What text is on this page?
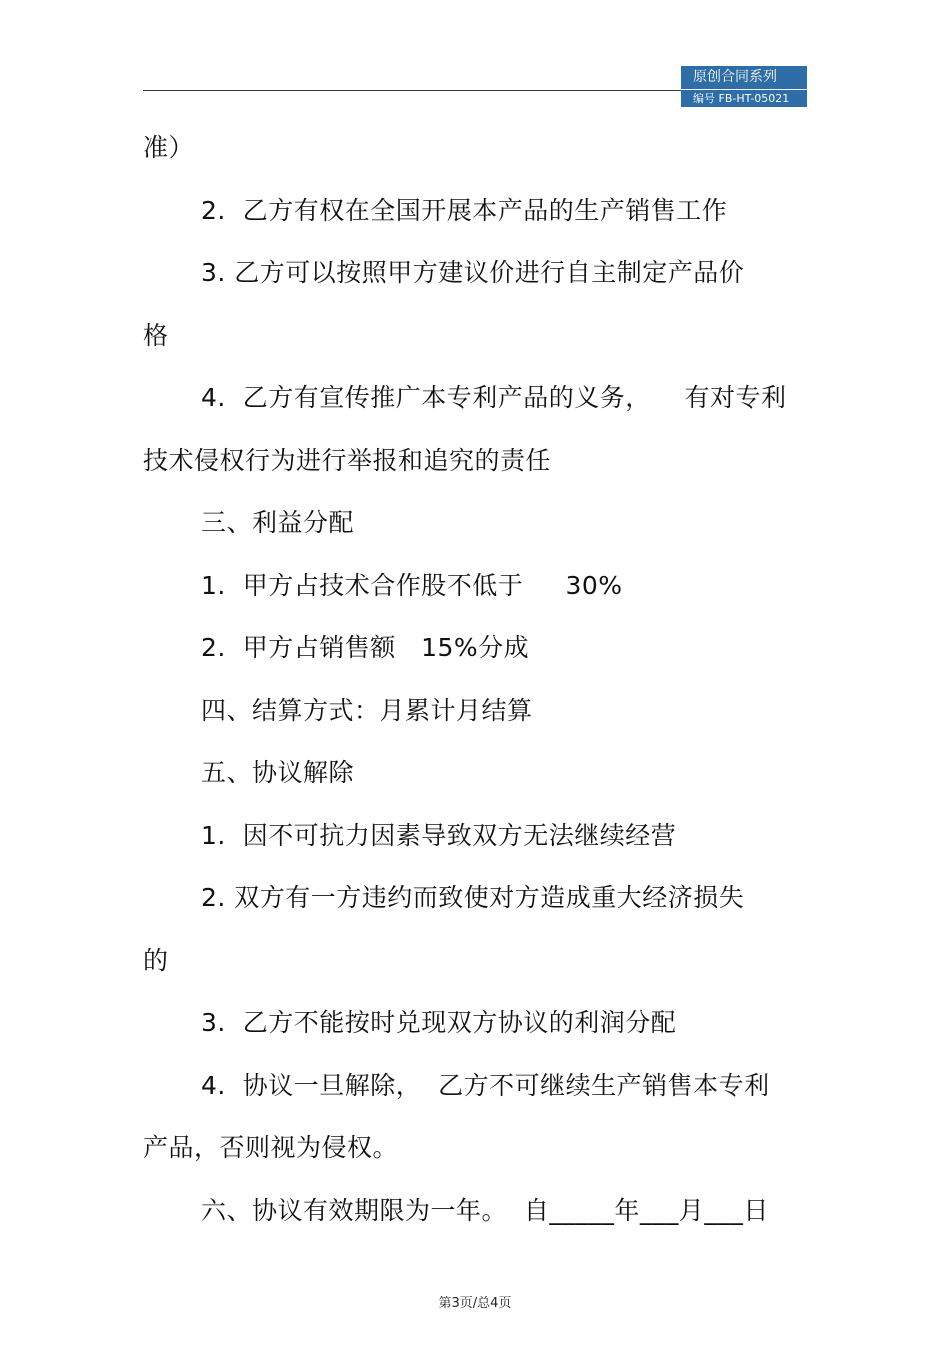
原创合同系列
编号 FB-HT-05021
准）
2.  乙方有权在全国开展本产品的生产销售工作
3. 乙方可以按照甲方建议价进行自主制定产品价
格
4.  乙方有宣传推广本专利产品的义务，    有对专利
技术侵权行为进行举报和追究的责任
三、利益分配
1.  甲方占技术合作股不低于     30%
2.  甲方占销售额   15%分成
四、结算方式：月累计月结算
五、协议解除
1.  因不可抗力因素导致双方无法继续经营
2. 双方有一方违约而致使对方造成重大经济损失
的
3.  乙方不能按时兑现双方协议的利润分配
4.  协议一旦解除，  乙方不可继续生产销售本专利
产品，否则视为侵权。
六、协议有效期限为一年。  自_____年___月___日
第3页/总4页
